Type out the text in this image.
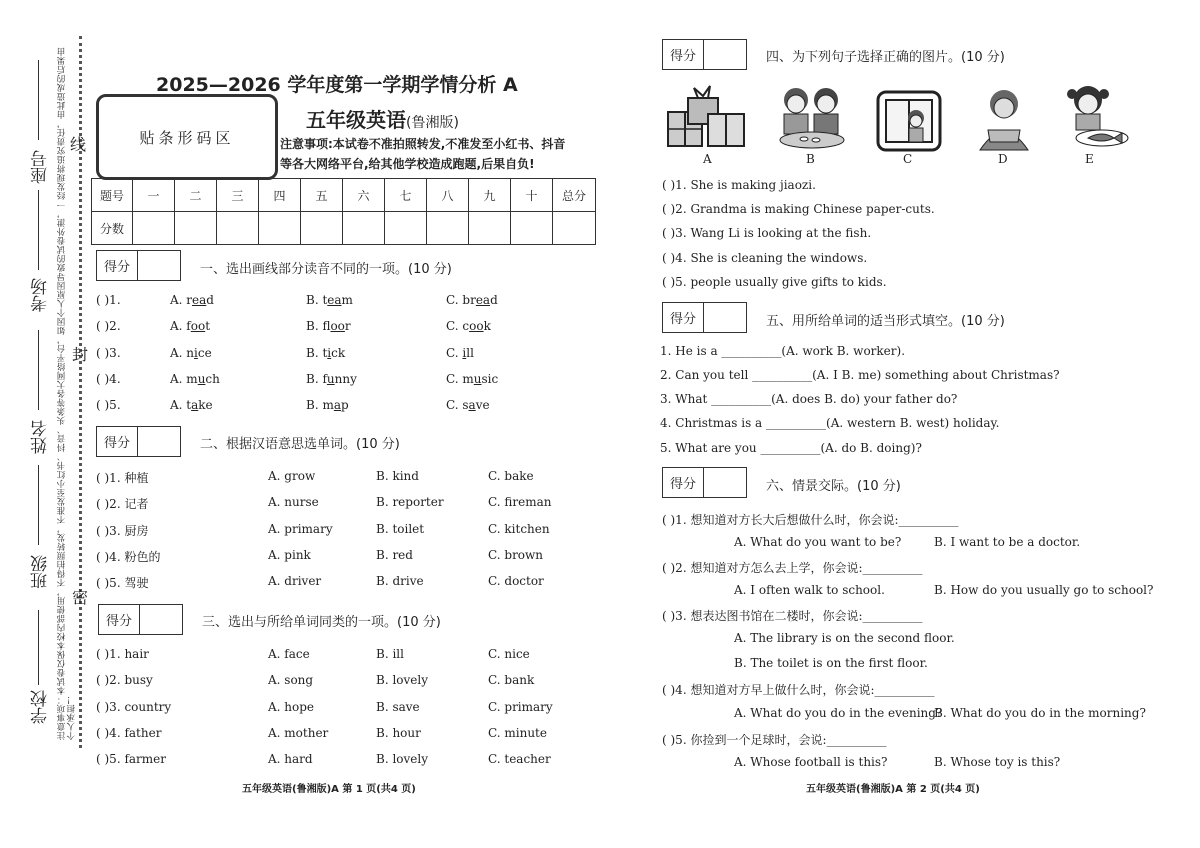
注意事项：本试卷仅保本校内部使用，不得拍照转发，不准发至小红书、抖音、头条等各大网络平台，如因个人原因导致的试卷外泄，一经发现将追究责任，由此造成的后果由个人承担！
座号
考场
姓名
班级
学校
线
封
密
2025—2026 学年度第一学期学情分析 A
贴条形码区
五年级英语(鲁湘版)
注意事项:本试卷不准拍照转发,不准发至小红书、抖音等各大网络平台,给其他学校造成跑题,后果自负!
题号	一	二	三	四	五	六	七	八	九	十	总分
分数											
得分	一、选出画线部分读音不同的一项。(10 分)
得分	二、根据汉语意思选单词。(10 分)
得分	三、选出与所给单词同类的一项。(10 分)
( )1.	A. read	B. team	C. bread
( )2.	A. foot	B. floor	C. cook
( )3.	A. nice	B. tick	C. ill
( )4.	A. much	B. funny	C. music
( )5.	A. take	B. map	C. save
( )1. 种植	A. grow	B. kind	C. bake
( )2. 记者	A. nurse	B. reporter	C. fireman
( )3. 厨房	A. primary	B. toilet	C. kitchen
( )4. 粉色的	A. pink	B. red	C. brown
( )5. 驾驶	A. driver	B. drive	C. doctor
( )1. hair	A. face	B. ill	C. nice
( )2. busy	A. song	B. lovely	C. bank
( )3. country	A. hope	B. save	C. primary
( )4. father	A. mother	B. hour	C. minute
( )5. farmer	A. hard	B. lovely	C. teacher
五年级英语(鲁湘版)A 第 1 页(共4 页)
得分	四、为下列句子选择正确的图片。(10 分)
A	B	C	D	E
( )1. She is making jiaozi.
( )2. Grandma is making Chinese paper-cuts.
( )3. Wang Li is looking at the fish.
( )4. She is cleaning the windows.
( )5. people usually give gifts to kids.
得分	五、用所给单词的适当形式填空。(10 分)
1. He is a __________(A. work B. worker).
2. Can you tell __________(A. I B. me) something about Christmas?
3. What __________(A. does B. do) your father do?
4. Christmas is a __________(A. western B. west) holiday.
5. What are you __________(A. do B. doing)?
得分	六、情景交际。(10 分)
( )1. 想知道对方长大后想做什么时，你会说:__________
A. What do you want to be?	B. I want to be a doctor.
( )2. 想知道对方怎么去上学，你会说:__________
A. I often walk to school.	B. How do you usually go to school?
( )3. 想表达图书馆在二楼时，你会说:__________
A. The library is on the second floor.
B. The toilet is on the first floor.
( )4. 想知道对方早上做什么时，你会说:__________
A. What do you do in the evening?
B. What do you do in the morning?
( )5. 你捡到一个足球时，会说:__________
A. Whose football is this?	B. Whose toy is this?
五年级英语(鲁湘版)A 第 2 页(共4 页)
